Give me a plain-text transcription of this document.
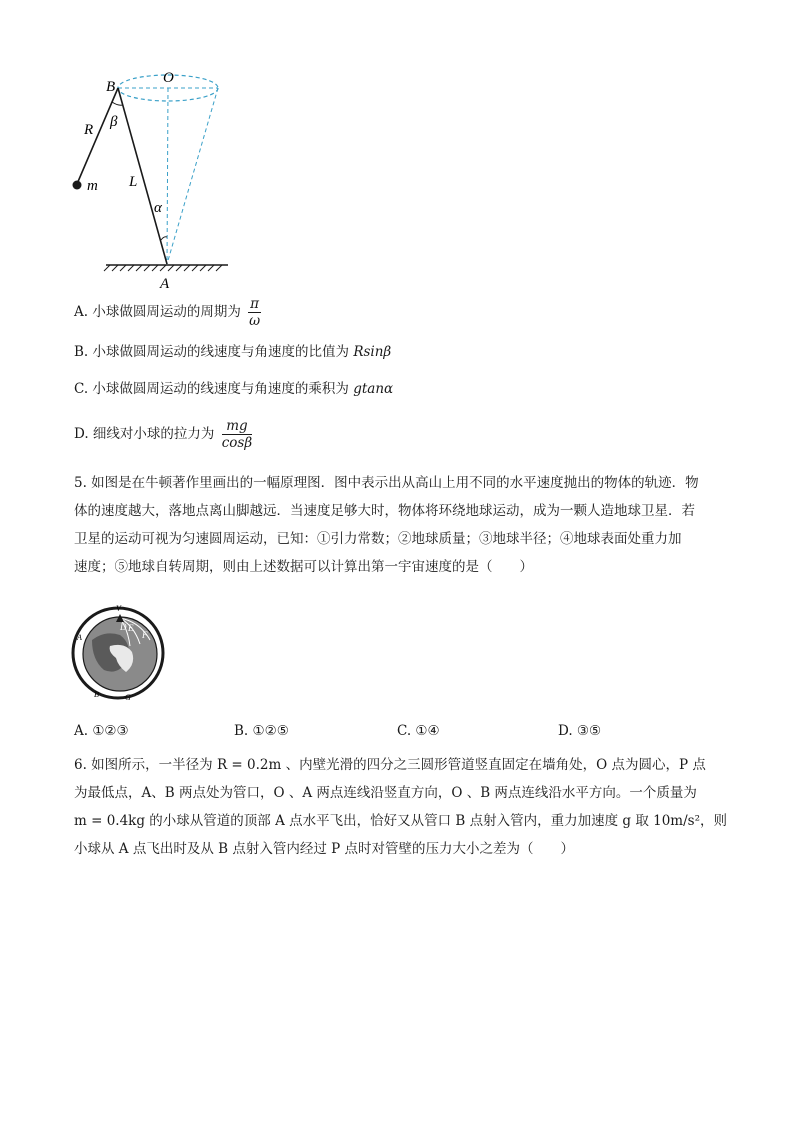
B
O
R β
m L
α
A
A. 小球做圆周运动的周期为 $\frac{\pi}{\omega}$
B. 小球做圆周运动的线速度与角速度的比值为 Rsinβ
C. 小球做圆周运动的线速度与角速度的乘积为 gtanα
D. 细线对小球的拉力为 $\frac{mg}{\cos\beta}$
5. 如图是在牛顿著作里画出的一幅原理图．图中表示出从高山上用不同的水平速度抛出的物体的轨迹．物
体的速度越大，落地点离山脚越远．当速度足够大时，物体将环绕地球运动，成为一颗人造地球卫星．若
卫星的运动可视为匀速圆周运动，已知：①引力常数；②地球质量；③地球半径；④地球表面处重力加
速度；⑤地球自转周期，则由上述数据可以计算出第一宇宙速度的是（　　）
V
D E
F
A
B	G
A. ①②③	B. ①②⑤	C. ①④	D. ③⑤
6. 如图所示，一半径为 R = 0.2m 、内壁光滑的四分之三圆形管道竖直固定在墙角处，O 点为圆心，P 点
为最低点，A、B 两点处为管口，O 、A 两点连线沿竖直方向，O 、B 两点连线沿水平方向。一个质量为
m = 0.4kg 的小球从管道的顶部 A 点水平飞出，恰好又从管口 B 点射入管内，重力加速度 g 取 10m/s²，则
小球从 A 点飞出时及从 B 点射入管内经过 P 点时对管壁的压力大小之差为（　　）
